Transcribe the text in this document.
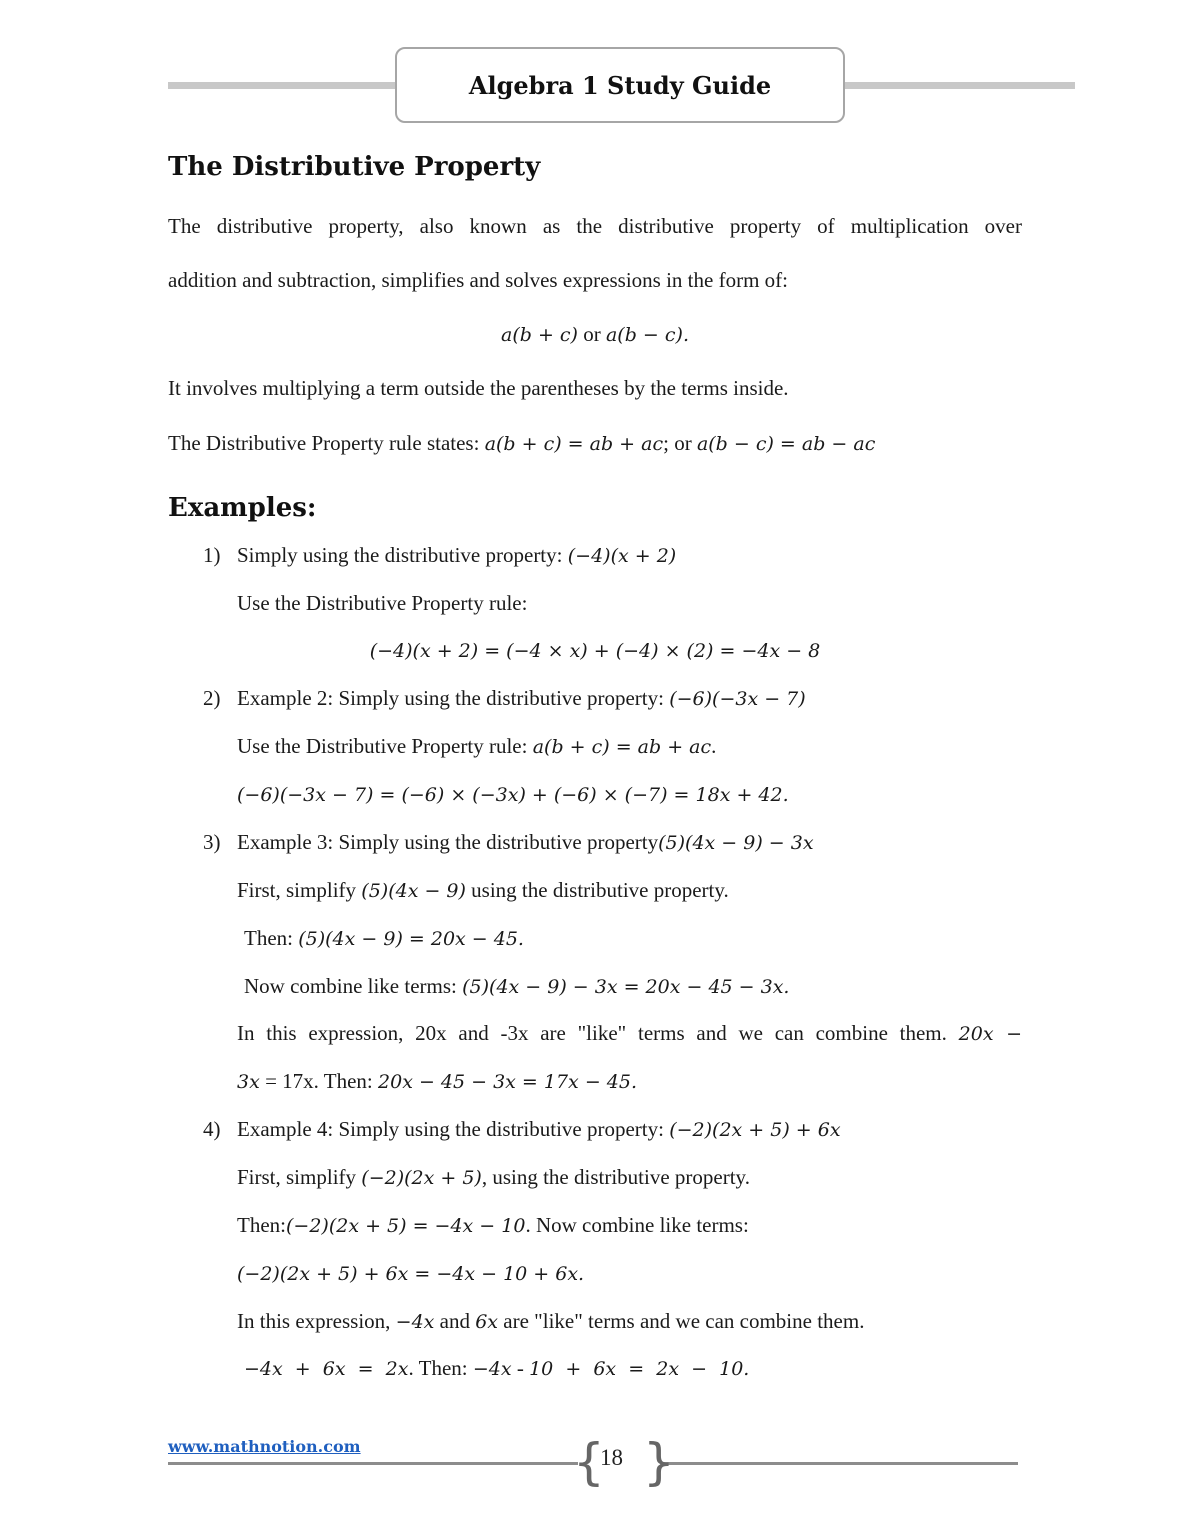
Algebra 1 Study Guide
The Distributive Property
The distributive property, also known as the distributive property of multiplication over
addition and subtraction, simplifies and solves expressions in the form of:
a(b + c) or a(b − c).
It involves multiplying a term outside the parentheses by the terms inside.
The Distributive Property rule states: a(b + c) = ab + ac; or a(b − c) = ab − ac
Examples:
1) Simply using the distributive property: (−4)(x + 2)
Use the Distributive Property rule:
(−4)(x + 2) = (−4 × x) + (−4) × (2) = −4x − 8
2) Example 2: Simply using the distributive property: (−6)(−3x − 7)
Use the Distributive Property rule: a(b + c) = ab + ac.
(−6)(−3x − 7) = (−6) × (−3x) + (−6) × (−7) = 18x + 42.
3) Example 3: Simply using the distributive property(5)(4x − 9) − 3x
First, simplify (5)(4x − 9) using the distributive property.
Then: (5)(4x − 9) = 20x − 45.
Now combine like terms: (5)(4x − 9) − 3x = 20x − 45 − 3x.
In this expression, 20x and -3x are "like" terms and we can combine them. 20x −
3x = 17x. Then: 20x − 45 − 3x = 17x − 45.
4) Example 4: Simply using the distributive property: (−2)(2x + 5) + 6x
First, simplify (−2)(2x + 5), using the distributive property.
Then:(−2)(2x + 5) = −4x − 10. Now combine like terms:
(−2)(2x + 5) + 6x = −4x − 10 + 6x.
In this expression, −4x and 6x are "like" terms and we can combine them.
−4x  +  6x  =  2x. Then: −4x - 10  +  6x  =  2x  −  10.
www.mathnotion.com	{
18 }
